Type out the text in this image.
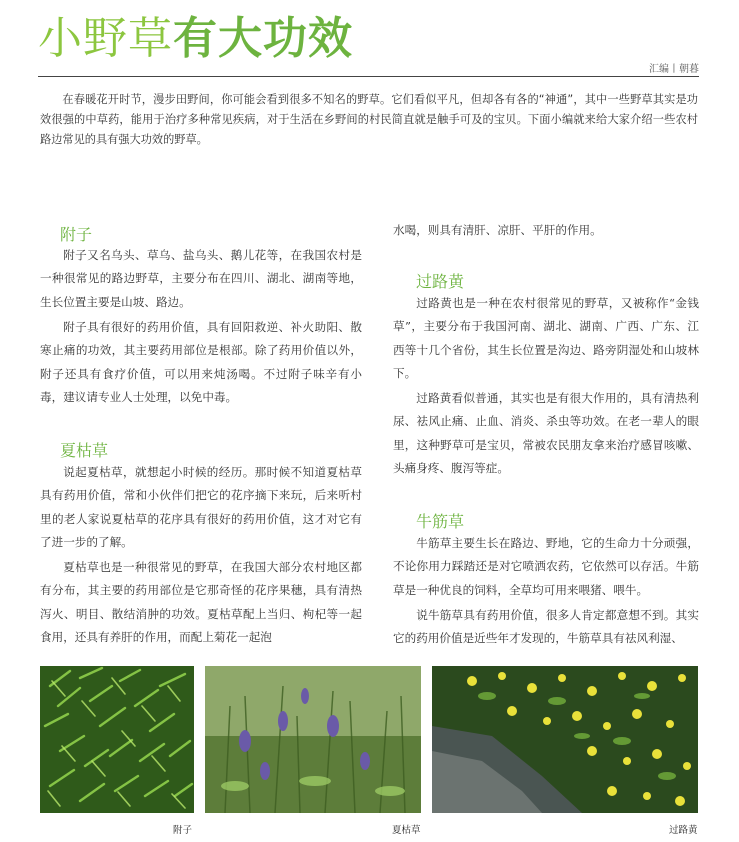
小野草有大功效
汇编丨朝暮
在春暖花开时节，漫步田野间，你可能会看到很多不知名的野草。它们看似平凡，但却各有各的“神通”，其中一些野草其实是功效很强的中草药，能用于治疗多种常见疾病，对于生活在乡野间的村民简直就是触手可及的宝贝。下面小编就来给大家介绍一些农村路边常见的具有强大功效的野草。
附子
附子又名乌头、草乌、盐乌头、鹅儿花等，在我国农村是一种很常见的路边野草，主要分布在四川、湖北、湖南等地，生长位置主要是山坡、路边。
附子具有很好的药用价值，具有回阳救逆、补火助阳、散寒止痛的功效，其主要药用部位是根部。除了药用价值以外，附子还具有食疗价值，可以用来炖汤喝。不过附子味辛有小毒，建议请专业人士处理，以免中毒。
夏枯草
说起夏枯草，就想起小时候的经历。那时候不知道夏枯草具有药用价值，常和小伙伴们把它的花序摘下来玩，后来听村里的老人家说夏枯草的花序具有很好的药用价值，这才对它有了进一步的了解。
夏枯草也是一种很常见的野草，在我国大部分农村地区都有分布，其主要的药用部位是它那奇怪的花序果穗，具有清热泻火、明目、散结消肿的功效。夏枯草配上当归、枸杞等一起食用，还具有养肝的作用，而配上菊花一起泡
水喝，则具有清肝、凉肝、平肝的作用。
过路黄
过路黄也是一种在农村很常见的野草，又被称作“金钱草”，主要分布于我国河南、湖北、湖南、广西、广东、江西等十几个省份，其生长位置是沟边、路旁阴湿处和山坡林下。
过路黄看似普通，其实也是有很大作用的，具有清热利尿、祛风止痛、止血、消炎、杀虫等功效。在老一辈人的眼里，这种野草可是宝贝，常被农民朋友拿来治疗感冒咳嗽、头痛身疼、腹泻等症。
牛筋草
牛筋草主要生长在路边、野地，它的生命力十分顽强，不论你用力踩踏还是对它喷洒农药，它依然可以存活。牛筋草是一种优良的饲料，全草均可用来喂猪、喂牛。
说牛筋草具有药用价值，很多人肯定都意想不到。其实它的药用价值是近些年才发现的，牛筋草具有祛风利湿、
附子	夏枯草	过路黄
